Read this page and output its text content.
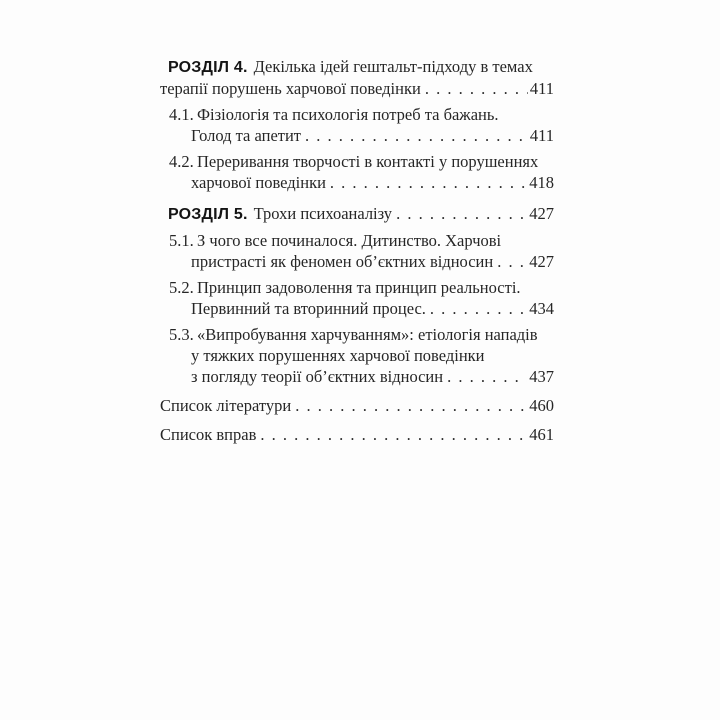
РОЗДІЛ 4. Декілька ідей гештальт-підходу в темах
терапії порушень харчової поведінки . . .	411
4.1. Фізіологія та психологія потреб та бажань.
Голод та апетит . . .	411
4.2. Переривання творчості в контакті у порушеннях
харчової поведінки . . .	418
РОЗДІЛ 5. Трохи психоаналізу . . .	427
5.1. З чого все починалося. Дитинство. Харчові
пристрасті як феномен об’єктних відносин . . . 427
5.2. Принцип задоволення та принцип реальності.
Первинний та вторинний процес. . . .	434
5.3. «Випробування харчуванням»: етіологія нападів
у тяжких порушеннях харчової поведінки
з погляду теорії об’єктних відносин . . .	437
Список літератури . . .	460
Список вправ . . .	461
